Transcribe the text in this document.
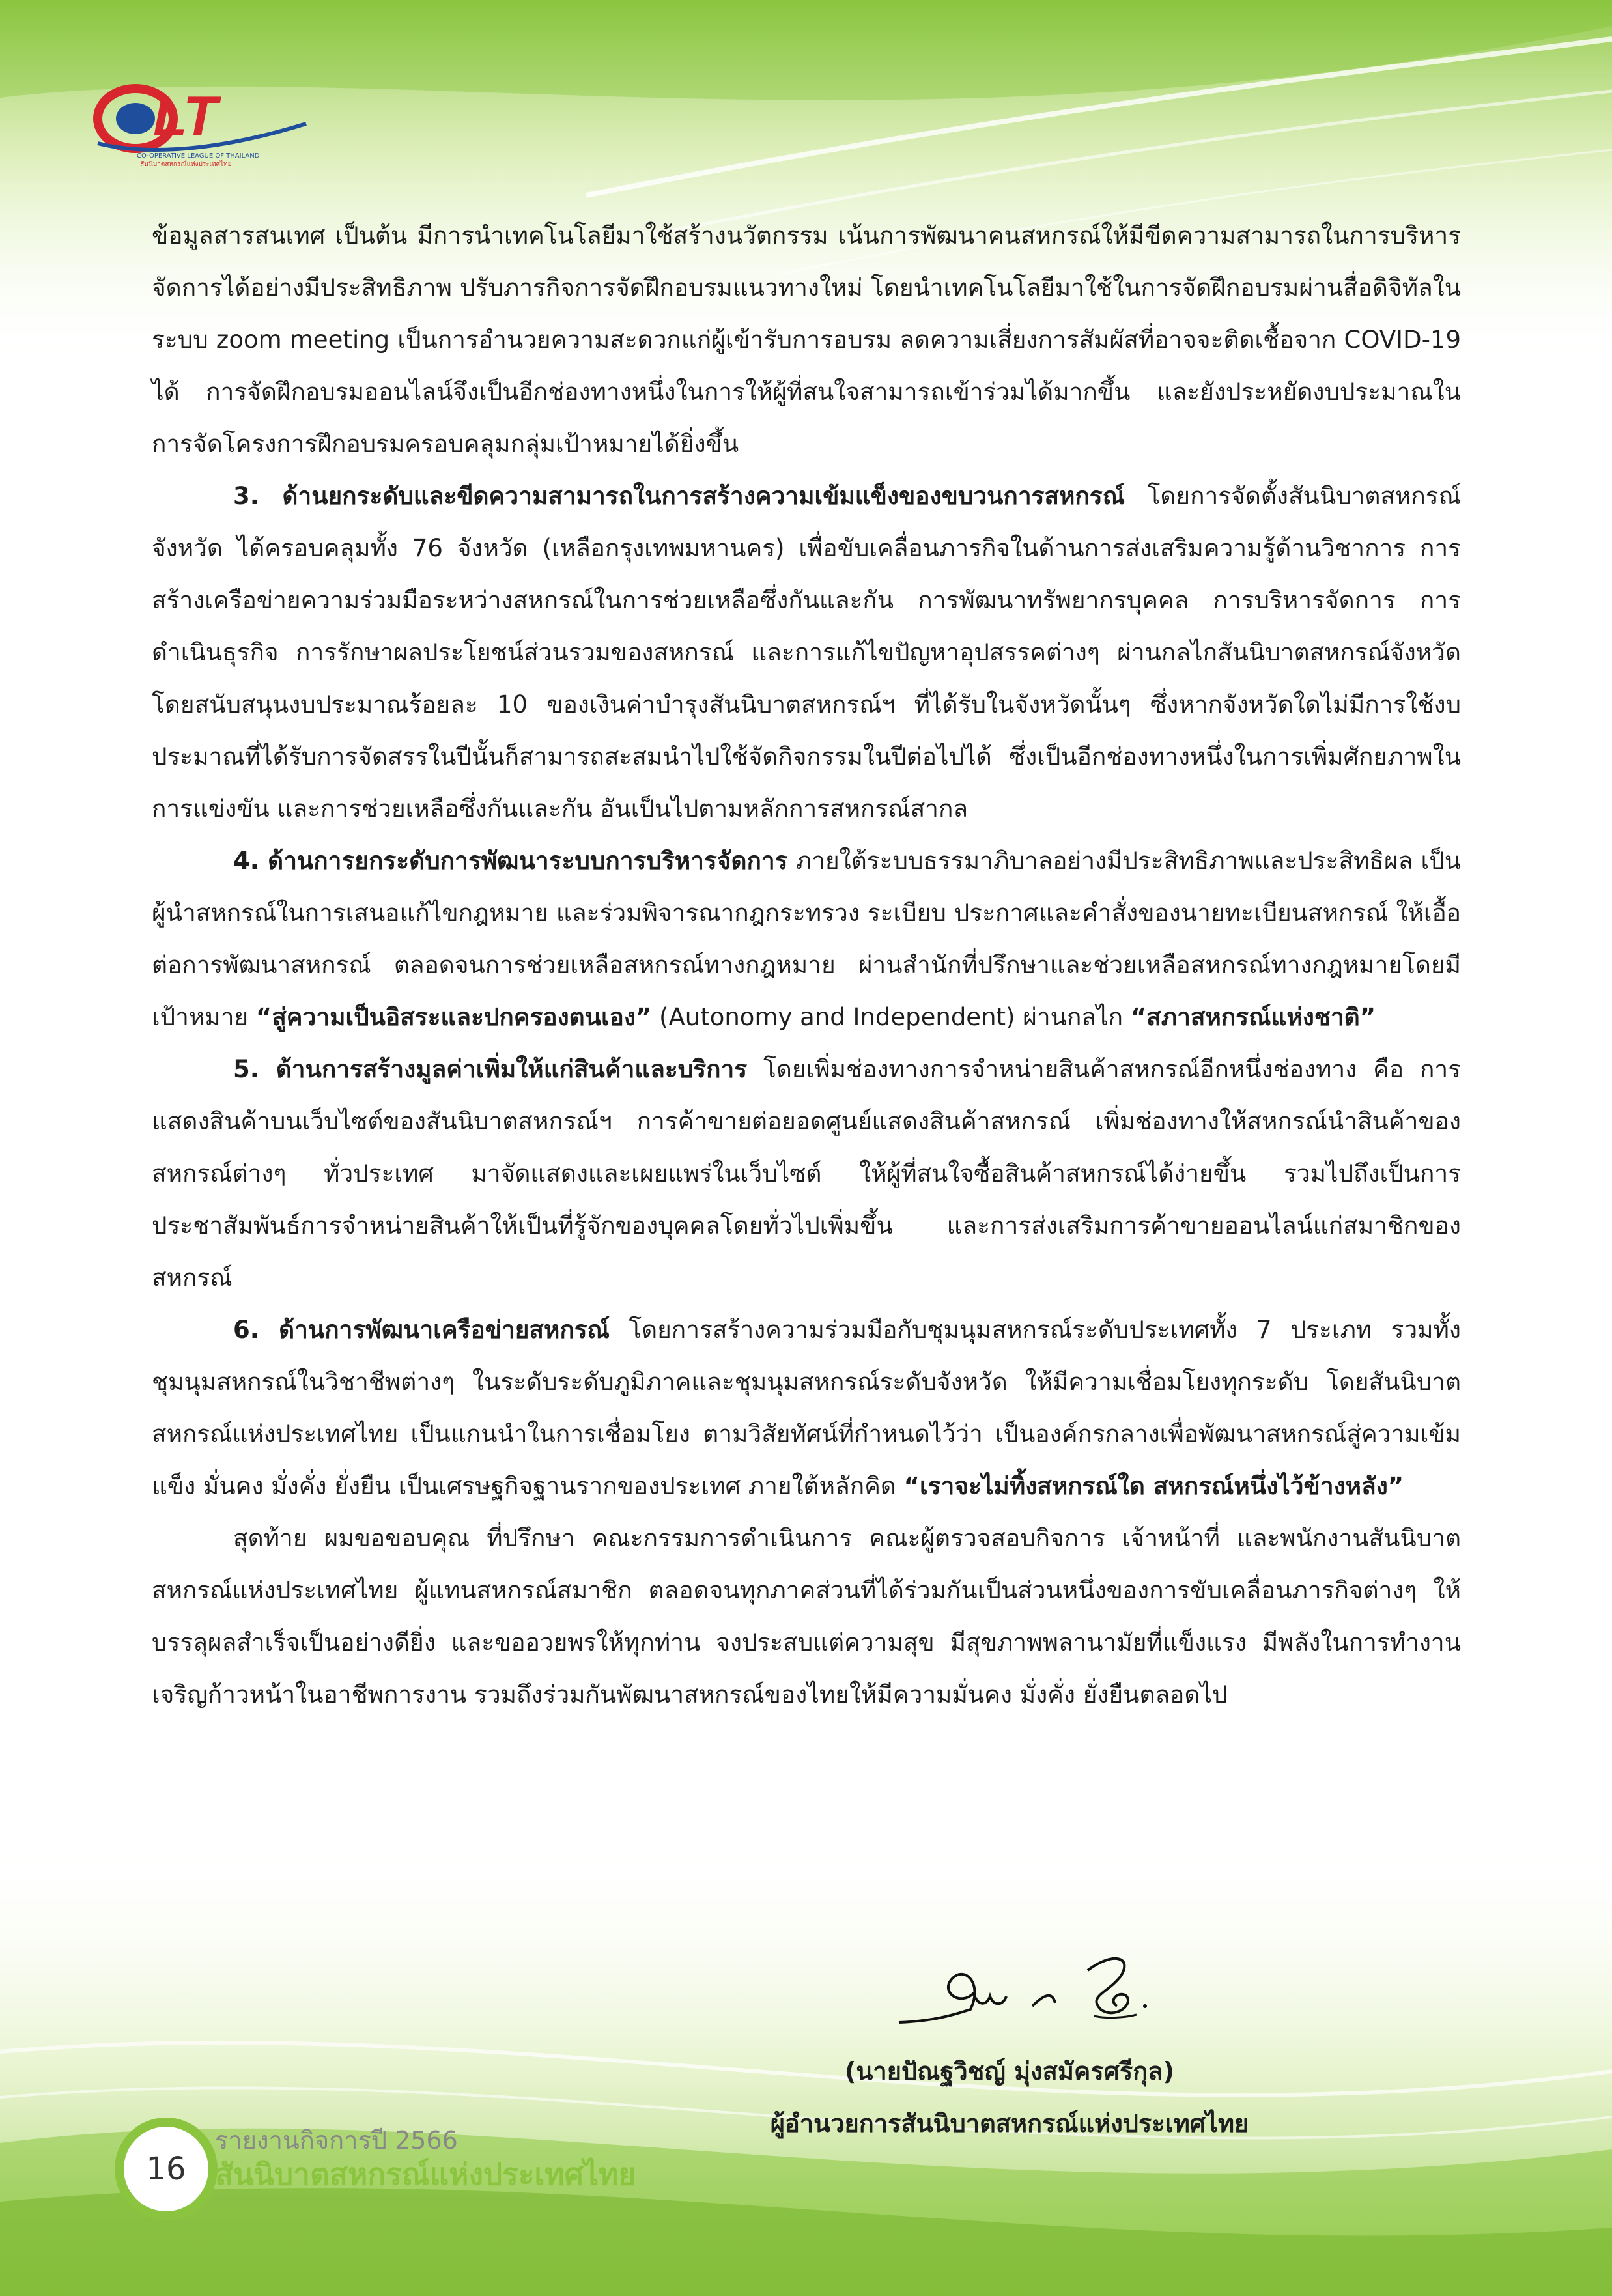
LT
CO-OPERATIVE LEAGUE OF THAILAND
สันนิบาตสหกรณ์แห่งประเทศไทย

ข้อมูลสารสนเทศ เป็นต้น มีการนำเทคโนโลยีมาใช้สร้างนวัตกรรม เน้นการพัฒนาคนสหกรณ์ให้มีขีดความสามารถในการบริหารจัดการได้อย่างมีประสิทธิภาพ ปรับภารกิจการจัดฝึกอบรมแนวทางใหม่ โดยนำเทคโนโลยีมาใช้ในการจัดฝึกอบรมผ่านสื่อดิจิทัลในระบบ zoom meeting เป็นการอำนวยความสะดวกแก่ผู้เข้ารับการอบรม ลดความเสี่ยงการสัมผัสที่อาจจะติดเชื้อจาก COVID-19 ได้ การจัดฝึกอบรมออนไลน์จึงเป็นอีกช่องทางหนึ่งในการให้ผู้ที่สนใจสามารถเข้าร่วมได้มากขึ้น และยังประหยัดงบประมาณในการจัดโครงการฝึกอบรมครอบคลุมกลุ่มเป้าหมายได้ยิ่งขึ้น

3. ด้านยกระดับและขีดความสามารถในการสร้างความเข้มแข็งของขบวนการสหกรณ์ โดยการจัดตั้งสันนิบาตสหกรณ์จังหวัด ได้ครอบคลุมทั้ง 76 จังหวัด (เหลือกรุงเทพมหานคร) เพื่อขับเคลื่อนภารกิจในด้านการส่งเสริมความรู้ด้านวิชาการ การสร้างเครือข่ายความร่วมมือระหว่างสหกรณ์ในการช่วยเหลือซึ่งกันและกัน การพัฒนาทรัพยากรบุคคล การบริหารจัดการ การดำเนินธุรกิจ การรักษาผลประโยชน์ส่วนรวมของสหกรณ์ และการแก้ไขปัญหาอุปสรรคต่างๆ ผ่านกลไกสันนิบาตสหกรณ์จังหวัด โดยสนับสนุนงบประมาณร้อยละ 10 ของเงินค่าบำรุงสันนิบาตสหกรณ์ฯ ที่ได้รับในจังหวัดนั้นๆ ซึ่งหากจังหวัดใดไม่มีการใช้งบประมาณที่ได้รับการจัดสรรในปีนั้นก็สามารถสะสมนำไปใช้จัดกิจกรรมในปีต่อไปได้ ซึ่งเป็นอีกช่องทางหนึ่งในการเพิ่มศักยภาพในการแข่งขัน และการช่วยเหลือซึ่งกันและกัน อันเป็นไปตามหลักการสหกรณ์สากล

4. ด้านการยกระดับการพัฒนาระบบการบริหารจัดการ ภายใต้ระบบธรรมาภิบาลอย่างมีประสิทธิภาพและประสิทธิผล เป็นผู้นำสหกรณ์ในการเสนอแก้ไขกฎหมาย และร่วมพิจารณากฎกระทรวง ระเบียบ ประกาศและคำสั่งของนายทะเบียนสหกรณ์ ให้เอื้อต่อการพัฒนาสหกรณ์ ตลอดจนการช่วยเหลือสหกรณ์ทางกฎหมาย ผ่านสำนักที่ปรึกษาและช่วยเหลือสหกรณ์ทางกฎหมายโดยมีเป้าหมาย “สู่ความเป็นอิสระและปกครองตนเอง” (Autonomy and Independent) ผ่านกลไก “สภาสหกรณ์แห่งชาติ”

5. ด้านการสร้างมูลค่าเพิ่มให้แก่สินค้าและบริการ โดยเพิ่มช่องทางการจำหน่ายสินค้าสหกรณ์อีกหนึ่งช่องทาง คือ การแสดงสินค้าบนเว็บไซต์ของสันนิบาตสหกรณ์ฯ การค้าขายต่อยอดศูนย์แสดงสินค้าสหกรณ์ เพิ่มช่องทางให้สหกรณ์นำสินค้าของสหกรณ์ต่างๆ ทั่วประเทศ มาจัดแสดงและเผยแพร่ในเว็บไซต์ ให้ผู้ที่สนใจซื้อสินค้าสหกรณ์ได้ง่ายขึ้น รวมไปถึงเป็นการประชาสัมพันธ์การจำหน่ายสินค้าให้เป็นที่รู้จักของบุคคลโดยทั่วไปเพิ่มขึ้น และการส่งเสริมการค้าขายออนไลน์แก่สมาชิกของสหกรณ์

6. ด้านการพัฒนาเครือข่ายสหกรณ์ โดยการสร้างความร่วมมือกับชุมนุมสหกรณ์ระดับประเทศทั้ง 7 ประเภท รวมทั้งชุมนุมสหกรณ์ในวิชาชีพต่างๆ ในระดับระดับภูมิภาคและชุมนุมสหกรณ์ระดับจังหวัด ให้มีความเชื่อมโยงทุกระดับ โดยสันนิบาตสหกรณ์แห่งประเทศไทย เป็นแกนนำในการเชื่อมโยง ตามวิสัยทัศน์ที่กำหนดไว้ว่า เป็นองค์กรกลางเพื่อพัฒนาสหกรณ์สู่ความเข้มแข็ง มั่นคง มั่งคั่ง ยั่งยืน เป็นเศรษฐกิจฐานรากของประเทศ ภายใต้หลักคิด “เราจะไม่ทิ้งสหกรณ์ใด สหกรณ์หนึ่งไว้ข้างหลัง”

สุดท้าย ผมขอขอบคุณ ที่ปรึกษา คณะกรรมการดำเนินการ คณะผู้ตรวจสอบกิจการ เจ้าหน้าที่ และพนักงานสันนิบาตสหกรณ์แห่งประเทศไทย ผู้แทนสหกรณ์สมาชิก ตลอดจนทุกภาคส่วนที่ได้ร่วมกันเป็นส่วนหนึ่งของการขับเคลื่อนภารกิจต่างๆ ให้บรรลุผลสำเร็จเป็นอย่างดียิ่ง และขออวยพรให้ทุกท่าน จงประสบแต่ความสุข มีสุขภาพพลานามัยที่แข็งแรง มีพลังในการทำงาน เจริญก้าวหน้าในอาชีพการงาน รวมถึงร่วมกันพัฒนาสหกรณ์ของไทยให้มีความมั่นคง มั่งคั่ง ยั่งยืนตลอดไป

(นายปัณฐวิชญ์ มุ่งสมัครศรีกุล)
ผู้อำนวยการสันนิบาตสหกรณ์แห่งประเทศไทย
16
รายงานกิจการปี 2566
สันนิบาตสหกรณ์แห่งประเทศไทย
